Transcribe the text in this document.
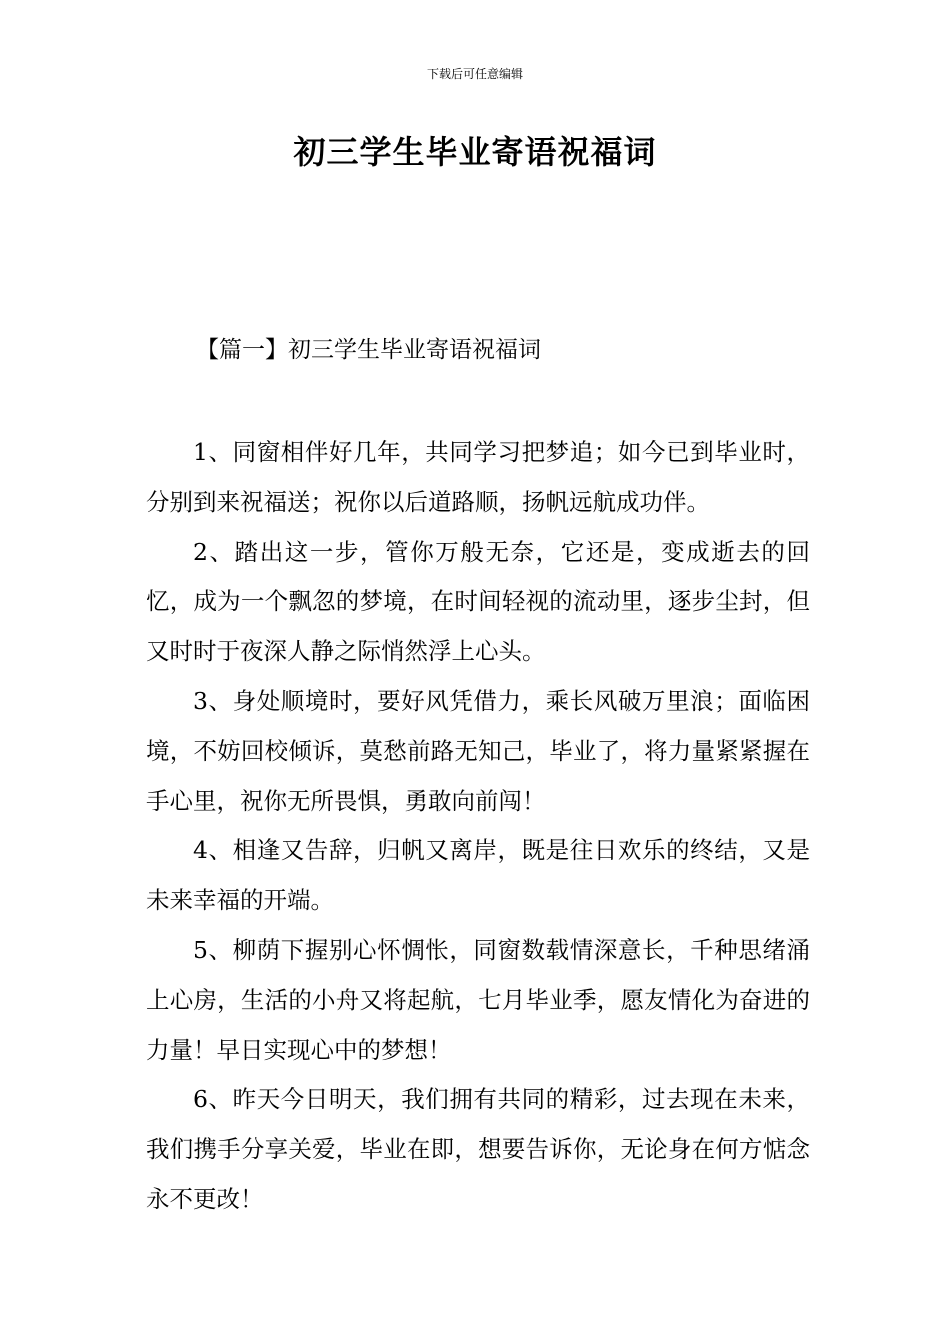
下载后可任意编辑
初三学生毕业寄语祝福词
【篇一】初三学生毕业寄语祝福词

1、同窗相伴好几年，共同学习把梦追；如今已到毕业时，分别到来祝福送；祝你以后道路顺，扬帆远航成功伴。

2、踏出这一步，管你万般无奈，它还是，变成逝去的回忆，成为一个飘忽的梦境，在时间轻视的流动里，逐步尘封，但又时时于夜深人静之际悄然浮上心头。

3、身处顺境时，要好风凭借力，乘长风破万里浪；面临困境，不妨回校倾诉，莫愁前路无知己，毕业了，将力量紧紧握在手心里，祝你无所畏惧，勇敢向前闯！

4、相逢又告辞，归帆又离岸，既是往日欢乐的终结，又是未来幸福的开端。

5、柳荫下握别心怀惆怅，同窗数载情深意长，千种思绪涌上心房，生活的小舟又将起航，七月毕业季，愿友情化为奋进的力量！早日实现心中的梦想！

6、昨天今日明天，我们拥有共同的精彩，过去现在未来，我们携手分享关爱，毕业在即，想要告诉你，无论身在何方惦念永不更改！
